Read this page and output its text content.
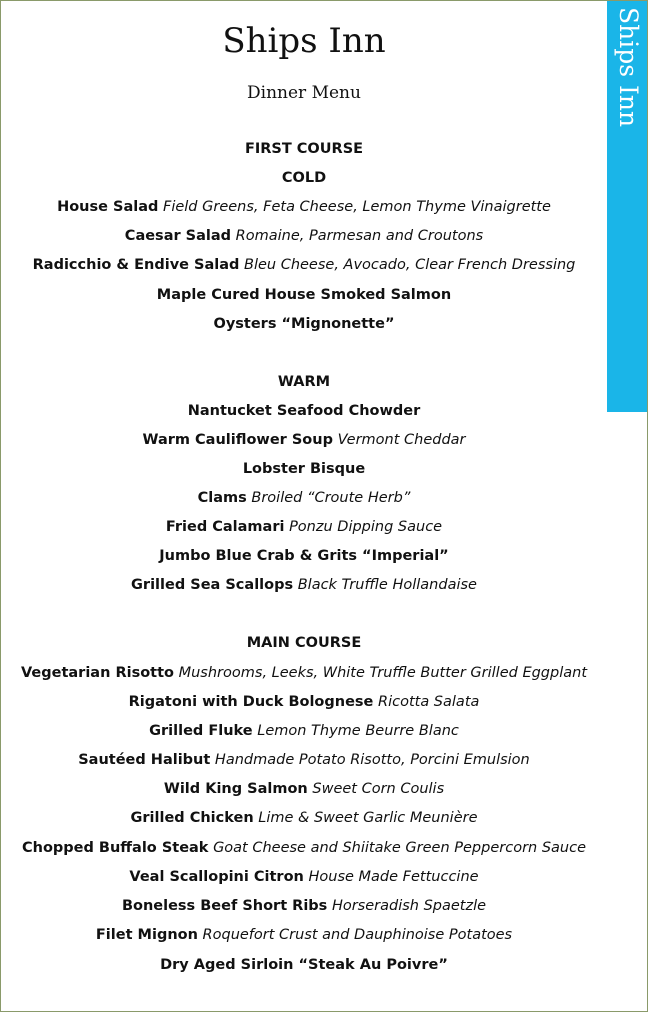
Ships Inn
Ships Inn
Dinner Menu
FIRST COURSE
COLD
House Salad Field Greens, Feta Cheese, Lemon Thyme Vinaigrette
Caesar Salad Romaine, Parmesan and Croutons
Radicchio & Endive Salad Bleu Cheese, Avocado, Clear French Dressing
Maple Cured House Smoked Salmon
Oysters “Mignonette”
WARM
Nantucket Seafood Chowder
Warm Cauliflower Soup Vermont Cheddar
Lobster Bisque
Clams Broiled “Croute Herb”
Fried Calamari Ponzu Dipping Sauce
Jumbo Blue Crab & Grits “Imperial”
Grilled Sea Scallops Black Truffle Hollandaise
MAIN COURSE
Vegetarian Risotto Mushrooms, Leeks, White Truffle Butter Grilled Eggplant
Rigatoni with Duck Bolognese Ricotta Salata
Grilled Fluke Lemon Thyme Beurre Blanc
Sautéed Halibut Handmade Potato Risotto, Porcini Emulsion
Wild King Salmon Sweet Corn Coulis
Grilled Chicken Lime & Sweet Garlic Meunière
Chopped Buffalo Steak Goat Cheese and Shiitake Green Peppercorn Sauce
Veal Scallopini Citron House Made Fettuccine
Boneless Beef Short Ribs Horseradish Spaetzle
Filet Mignon Roquefort Crust and Dauphinoise Potatoes
Dry Aged Sirloin “Steak Au Poivre”
